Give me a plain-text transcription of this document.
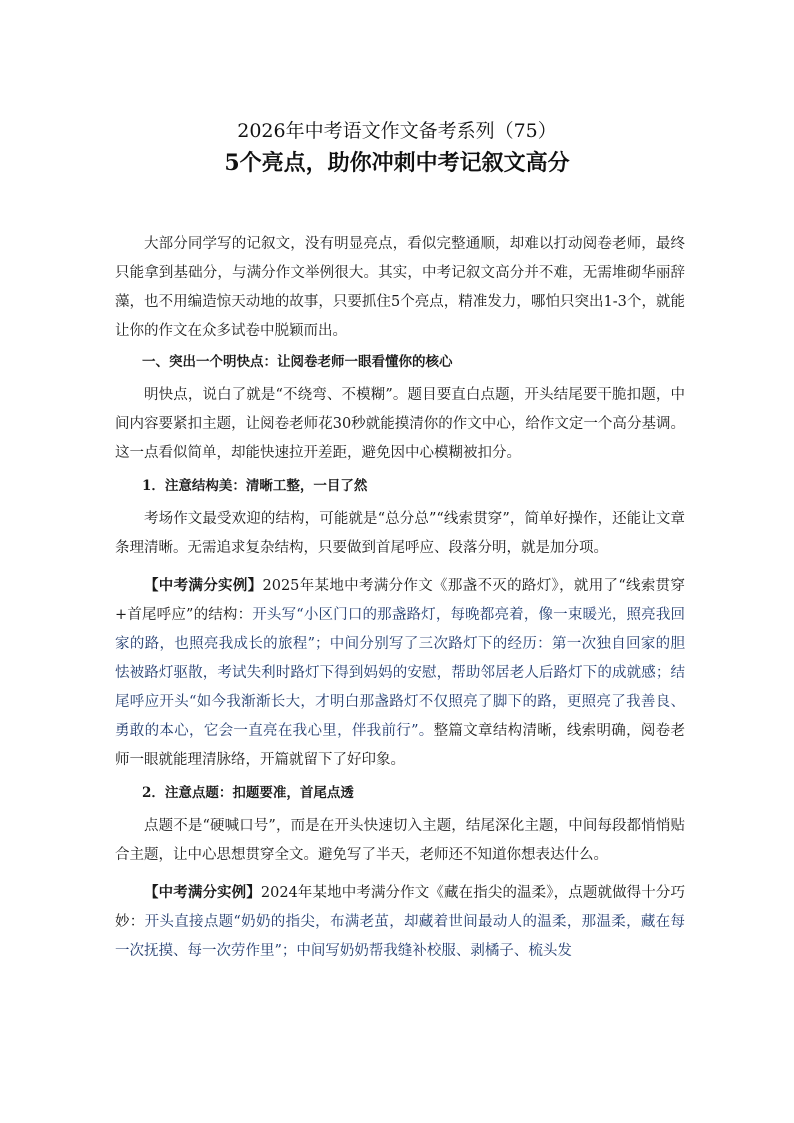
2026年中考语文作文备考系列（75）
5个亮点，助你冲刺中考记叙文高分

大部分同学写的记叙文，没有明显亮点，看似完整通顺，却难以打动阅卷老师，最终只能拿到基础分，与满分作文举例很大。其实，中考记叙文高分并不难，无需堆砌华丽辞藻，也不用编造惊天动地的故事，只要抓住5个亮点，精准发力，哪怕只突出1-3个，就能让你的作文在众多试卷中脱颖而出。

一、突出一个明快点：让阅卷老师一眼看懂你的核心

明快点，说白了就是“不绕弯、不模糊”。题目要直白点题，开头结尾要干脆扣题，中间内容要紧扣主题，让阅卷老师花30秒就能摸清你的作文中心，给作文定一个高分基调。这一点看似简单，却能快速拉开差距，避免因中心模糊被扣分。

1．注意结构美：清晰工整，一目了然

考场作文最受欢迎的结构，可能就是“总分总”“线索贯穿”，简单好操作，还能让文章条理清晰。无需追求复杂结构，只要做到首尾呼应、段落分明，就是加分项。

【中考满分实例】2025年某地中考满分作文《那盏不灭的路灯》，就用了“线索贯穿+首尾呼应”的结构：开头写“小区门口的那盏路灯，每晚都亮着，像一束暖光，照亮我回家的路，也照亮我成长的旅程”；中间分别写了三次路灯下的经历：第一次独自回家的胆怯被路灯驱散，考试失利时路灯下得到妈妈的安慰，帮助邻居老人后路灯下的成就感；结尾呼应开头“如今我渐渐长大，才明白那盏路灯不仅照亮了脚下的路，更照亮了我善良、勇敢的本心，它会一直亮在我心里，伴我前行”。整篇文章结构清晰，线索明确，阅卷老师一眼就能理清脉络，开篇就留下了好印象。

2．注意点题：扣题要准，首尾点透

点题不是“硬喊口号”，而是在开头快速切入主题，结尾深化主题，中间每段都悄悄贴合主题，让中心思想贯穿全文。避免写了半天，老师还不知道你想表达什么。

【中考满分实例】2024年某地中考满分作文《藏在指尖的温柔》，点题就做得十分巧妙：开头直接点题“奶奶的指尖，布满老茧，却藏着世间最动人的温柔，那温柔，藏在每一次抚摸、每一次劳作里”；中间写奶奶帮我缝补校服、剥橘子、梳头发
